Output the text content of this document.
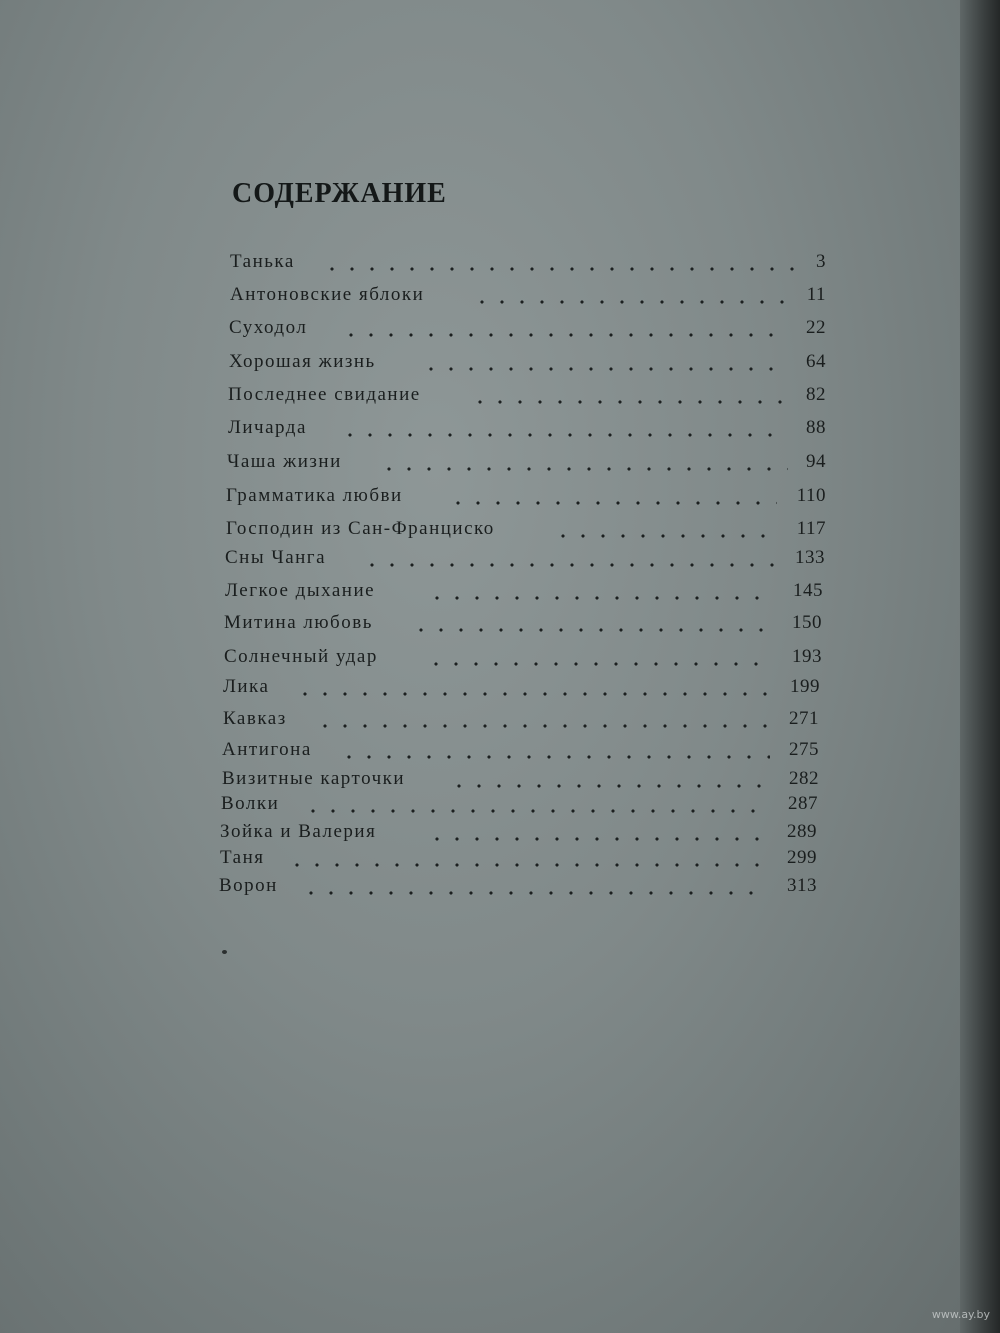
СОДЕРЖАНИЕ
Танька	3
Антоновские яблоки	11
Суходол	22
Хорошая жизнь	64
Последнее свидание	82
Личарда	88
Чаша жизни	94
Грамматика любви	110
Господин из Сан-Франциско	117
Сны Чанга	133
Легкое дыхание	145
Митина любовь	150
Солнечный удар	193
Лика	199
Кавказ	271
Антигона	275
Визитные карточки	282
Волки	287
Зойка и Валерия	289
Таня	299
Ворон	313
www.ay.by
